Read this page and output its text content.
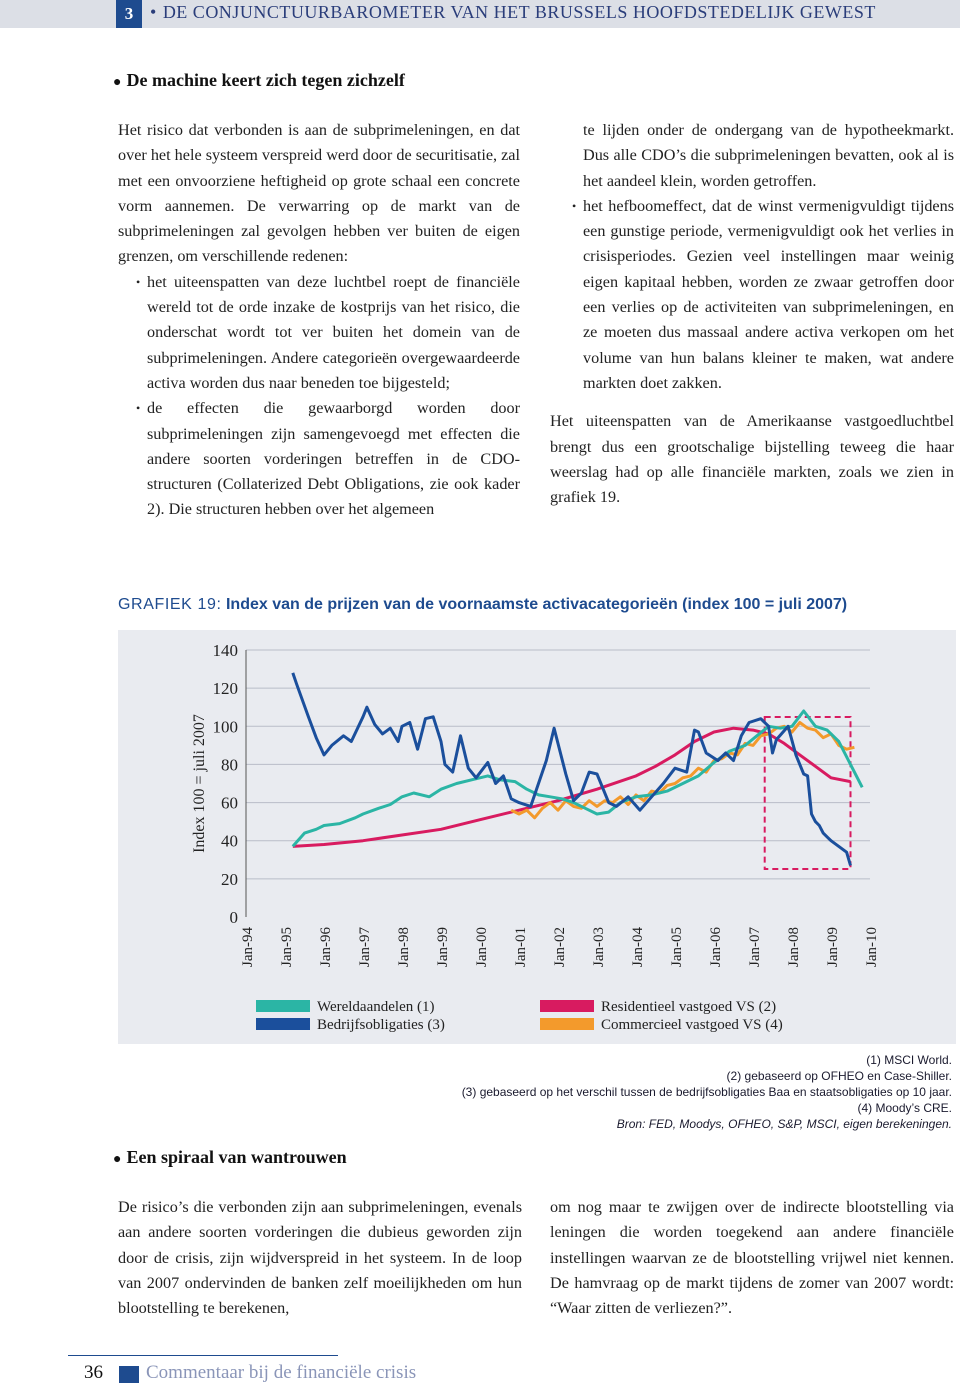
3 • DE CONJUNCTUURBAROMETER VAN HET BRUSSELS HOOFDSTEDELIJK GEWEST
● De machine keert zich tegen zichzelf

Het risico dat verbonden is aan de subprimeleningen, en dat over het hele systeem verspreid werd door de securitisatie, zal met een onvoorziene heftigheid op grote schaal een concrete vorm aannemen. De verwarring op de markt van de subprimeleningen zal gevolgen hebben ver buiten de eigen grenzen, om verschillende redenen:

• het uiteenspatten van deze luchtbel roept de financiële wereld tot de orde inzake de kostprijs van het risico, die onderschat wordt tot ver buiten het domein van de subprimeleningen. Andere categorieën overgewaardeerde activa worden dus naar beneden toe bijgesteld;
• de effecten die gewaarborgd worden door subprimeleningen zijn samengevoegd met effecten die andere soorten vorderingen betreffen in de CDO-structuren (Collaterized Debt Obligations, zie ook kader 2). Die structuren hebben over het algemeen
te lijden onder de ondergang van de hypotheekmarkt. Dus alle CDO’s die subprimeleningen bevatten, ook al is het aandeel klein, worden getroffen.
• het hefboomeffect, dat de winst vermenigvuldigt tijdens een gunstige periode, vermenigvuldigt ook het verlies in crisisperiodes. Gezien veel instellingen maar weinig eigen kapitaal hebben, worden ze zwaar getroffen door een verlies op de activiteiten van subprimeleningen, en ze moeten dus massaal andere activa verkopen om het volume van hun balans kleiner te maken, wat andere markten doet zakken.

Het uiteenspatten van de Amerikaanse vastgoedluchtbel brengt dus een grootschalige bijstelling teweeg die haar weerslag had op alle financiële markten, zoals we zien in grafiek 19.

GRAFIEK 19: Index van de prijzen van de voornaamste activacategorieën (index 100 = juli 2007)
0
20
40
60
80
100
120
140
Index 100 = juli 2007
Jan-94 Jan-95 Jan-96 Jan-97 Jan-98 Jan-99 Jan-00 Jan-01 Jan-02 Jan-03 Jan-04 Jan-05 Jan-06 Jan-07 Jan-08 Jan-09 Jan-10
Wereldaandelen (1)
Bedrijfsobligaties (3)
Residentieel vastgoed VS (2)
Commercieel vastgoed VS (4)
(1) MSCI World.
(2) gebaseerd op OFHEO en Case-Shiller.
(3) gebaseerd op het verschil tussen de bedrijfsobligaties Baa en staatsobligaties op 10 jaar.
(4) Moody’s CRE.
Bron: FED, Moodys, OFHEO, S&P, MSCI, eigen berekeningen.
● Een spiraal van wantrouwen

De risico’s die verbonden zijn aan subprimeleningen, evenals aan andere soorten vorderingen die dubieus geworden zijn door de crisis, zijn wijdverspreid in het systeem. In de loop van 2007 ondervinden de banken zelf moeilijkheden om hun blootstelling te berekenen,

om nog maar te zwijgen over de indirecte blootstelling via leningen die worden toegekend aan andere financiële instellingen waarvan ze de blootstelling vrijwel niet kennen. De hamvraag op de markt tijdens de zomer van 2007 wordt: “Waar zitten de verliezen?”.

36 Commentaar bij de financiële crisis
